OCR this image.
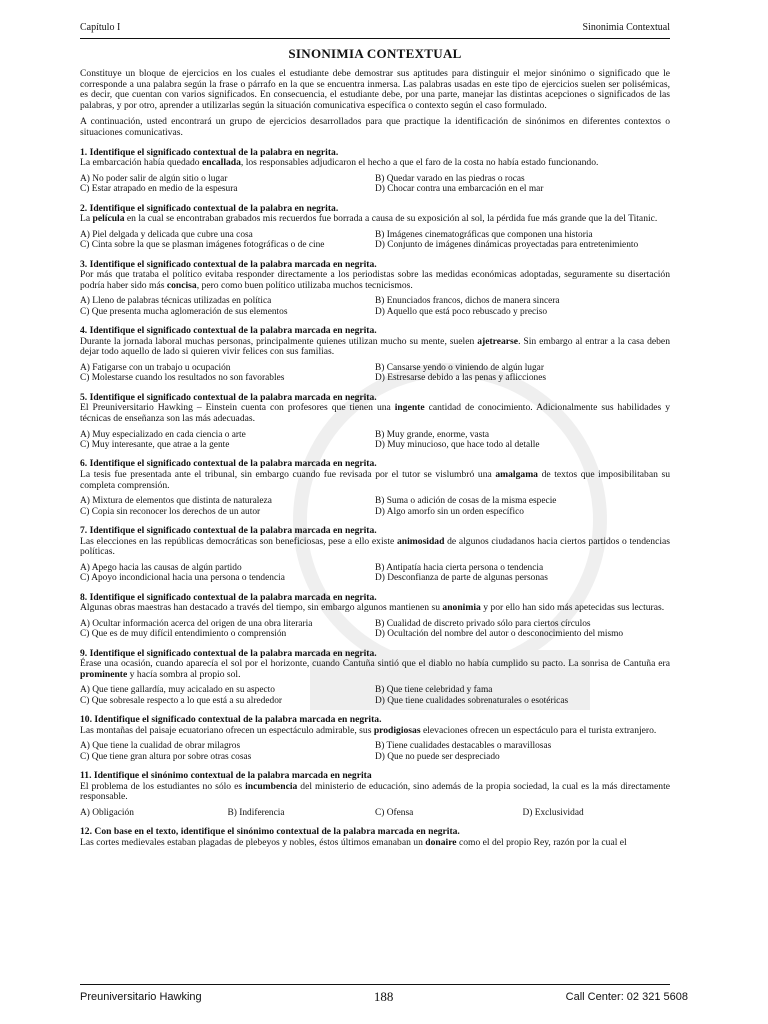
Capítulo I	Sinonimia Contextual
SINONIMIA CONTEXTUAL

Constituye un bloque de ejercicios en los cuales el estudiante debe demostrar sus aptitudes para distinguir el mejor sinónimo o significado que le corresponde a una palabra según la frase o párrafo en la que se encuentra inmersa. Las palabras usadas en este tipo de ejercicios suelen ser polisémicas, es decir, que cuentan con varios significados. En consecuencia, el estudiante debe, por una parte, manejar las distintas acepciones o significados de las palabras, y por otro, aprender a utilizarlas según la situación comunicativa específica o contexto según el caso formulado.

A continuación, usted encontrará un grupo de ejercicios desarrollados para que practique la identificación de sinónimos en diferentes contextos o situaciones comunicativas.

1. Identifique el significado contextual de la palabra en negrita.
La embarcación había quedado encallada, los responsables adjudicaron el hecho a que el faro de la costa no había estado funcionando.
A) No poder salir de algún sitio o lugar	B) Quedar varado en las piedras o rocas
C) Estar atrapado en medio de la espesura	D) Chocar contra una embarcación en el mar
2. Identifique el significado contextual de la palabra en negrita.
La película en la cual se encontraban grabados mis recuerdos fue borrada a causa de su exposición al sol, la pérdida fue más grande que la del Titanic.
A) Piel delgada y delicada que cubre una cosa	B) Imágenes cinematográficas que componen una historia
C) Cinta sobre la que se plasman imágenes fotográficas o de cine	D) Conjunto de imágenes dinámicas proyectadas para entretenimiento
3. Identifique el significado contextual de la palabra marcada en negrita.
Por más que trataba el político evitaba responder directamente a los periodistas sobre las medidas económicas adoptadas, seguramente su disertación podría haber sido más concisa, pero como buen político utilizaba muchos tecnicismos.
A) Lleno de palabras técnicas utilizadas en política	B) Enunciados francos, dichos de manera sincera
C) Que presenta mucha aglomeración de sus elementos	D) Aquello que está poco rebuscado y preciso
4. Identifique el significado contextual de la palabra marcada en negrita.
Durante la jornada laboral muchas personas, principalmente quienes utilizan mucho su mente, suelen ajetrearse. Sin embargo al entrar a la casa deben dejar todo aquello de lado si quieren vivir felices con sus familias.
A) Fatigarse con un trabajo u ocupación	B) Cansarse yendo o viniendo de algún lugar
C) Molestarse cuando los resultados no son favorables	D) Estresarse debido a las penas y aflicciones
5. Identifique el significado contextual de la palabra marcada en negrita.
El Preuniversitario Hawking – Einstein cuenta con profesores que tienen una ingente cantidad de conocimiento. Adicionalmente sus habilidades y técnicas de enseñanza son las más adecuadas.
A) Muy especializado en cada ciencia o arte	B) Muy grande, enorme, vasta
C) Muy interesante, que atrae a la gente	D) Muy minucioso, que hace todo al detalle
6. Identifique el significado contextual de la palabra marcada en negrita.
La tesis fue presentada ante el tribunal, sin embargo cuando fue revisada por el tutor se vislumbró una amalgama de textos que imposibilitaban su completa comprensión.
A) Mixtura de elementos que distinta de naturaleza	B) Suma o adición de cosas de la misma especie
C) Copia sin reconocer los derechos de un autor	D) Algo amorfo sin un orden específico
7. Identifique el significado contextual de la palabra marcada en negrita.
Las elecciones en las repúblicas democráticas son beneficiosas, pese a ello existe animosidad de algunos ciudadanos hacia ciertos partidos o tendencias políticas.
A) Apego hacia las causas de algún partido	B) Antipatía hacia cierta persona o tendencia
C) Apoyo incondicional hacia una persona o tendencia	D) Desconfianza de parte de algunas personas
8. Identifique el significado contextual de la palabra marcada en negrita.
Algunas obras maestras han destacado a través del tiempo, sin embargo algunos mantienen su anonimia y por ello han sido más apetecidas sus lecturas.
A) Ocultar información acerca del origen de una obra literaria	B) Cualidad de discreto privado sólo para ciertos círculos
C) Que es de muy difícil entendimiento o comprensión	D) Ocultación del nombre del autor o desconocimiento del mismo
9. Identifique el significado contextual de la palabra marcada en negrita.
Érase una ocasión, cuando aparecía el sol por el horizonte, cuando Cantuña sintió que el diablo no había cumplido su pacto. La sonrisa de Cantuña era prominente y hacía sombra al propio sol.
A) Que tiene gallardía, muy acicalado en su aspecto	B) Que tiene celebridad y fama
C) Que sobresale respecto a lo que está a su alrededor	D) Que tiene cualidades sobrenaturales o esotéricas
10. Identifique el significado contextual de la palabra marcada en negrita.
Las montañas del paisaje ecuatoriano ofrecen un espectáculo admirable, sus prodigiosas elevaciones ofrecen un espectáculo para el turista extranjero.
A) Que tiene la cualidad de obrar milagros	B) Tiene cualidades destacables o maravillosas
C) Que tiene gran altura por sobre otras cosas	D) Que no puede ser despreciado
11. Identifique el sinónimo contextual de la palabra marcada en negrita
El problema de los estudiantes no sólo es incumbencia del ministerio de educación, sino además de la propia sociedad, la cual es la más directamente responsable.
A) Obligación	B) Indiferencia	C) Ofensa	D) Exclusividad
12. Con base en el texto, identifique el sinónimo contextual de la palabra marcada en negrita.
Las cortes medievales estaban plagadas de plebeyos y nobles, éstos últimos emanaban un donaire como el del propio Rey, razón por la cual el
Preuniversitario Hawking	188	Call Center: 02 321 5608
